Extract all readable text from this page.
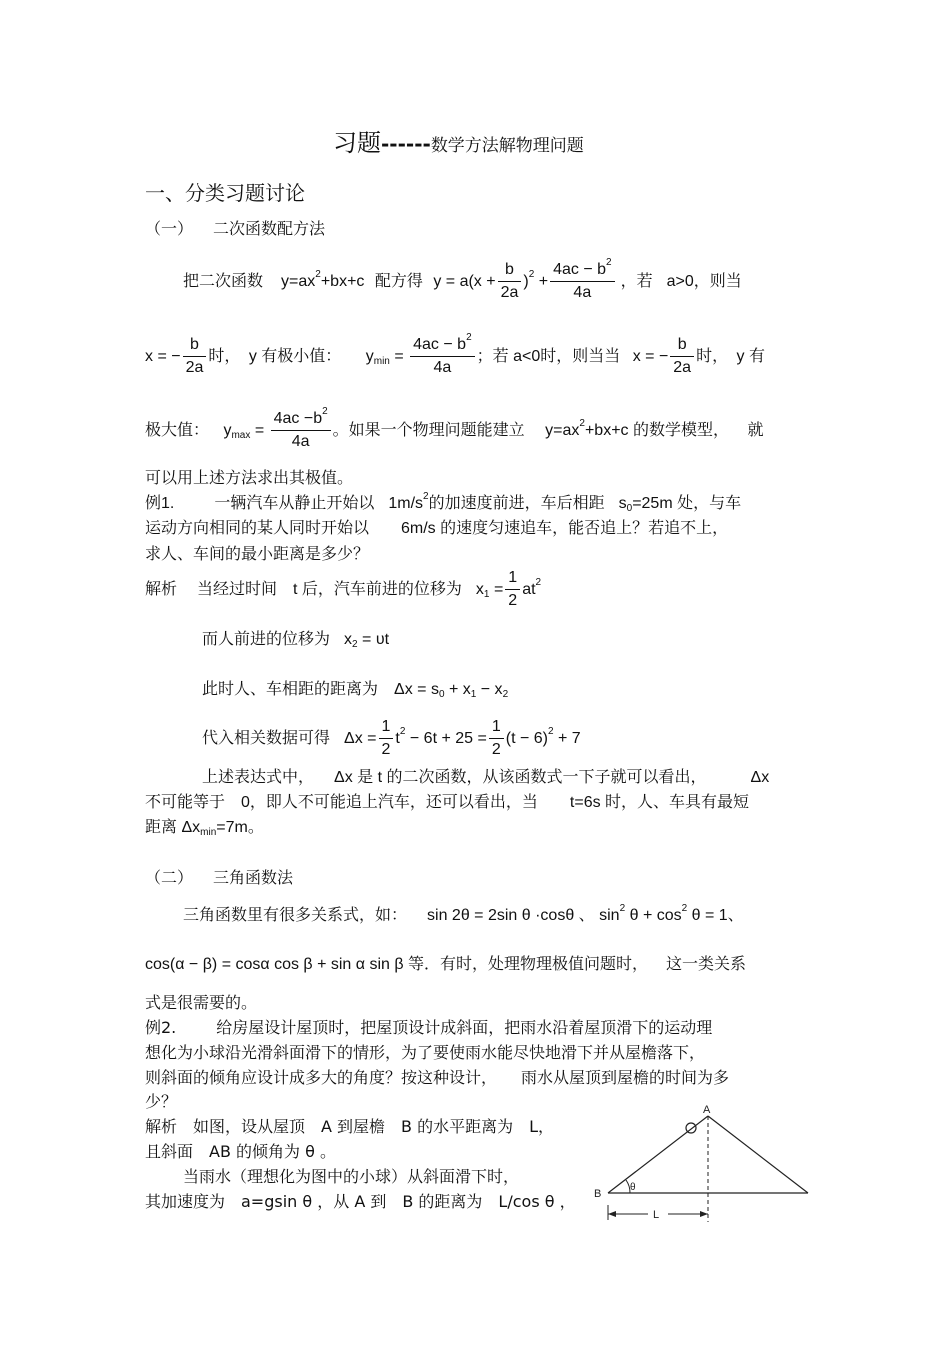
习题------数学方法解物理问题
一、分类习题讨论
（一） 二次函数配方法
把二次函数 $y=ax^2+bx+c$ 配方得 $y = a(x + \frac{b}{2a} )^2 + \frac{4ac - b^2}{4a}$ ，若 a>0，则当
x = − $\frac{b}{2a}$ 时， y 有极小值： $y_{min} = \frac{4ac - b^2}{4a}$ ；若 a<0时，则当当 x = − $\frac{b}{2a}$ 时， y 有
极大值： $y_{max} = \frac{4ac -b^2}{4a}$ 。如果一个物理问题能建立 $y=ax^2+bx+c$ 的数学模型， 就
可以用上述方法求出其极值。
例1.	一辆汽车从静止开始以 $1m/s^2$的加速度前进，车后相距 $s_0=25m$ 处，与车
运动方向相同的某人同时开始以　　6m/s 的速度匀速追车，能否追上？若追不上，
求人、车间的最小距离是多少？
解析 当经过时间　t 后，汽车前进的位移为 $x_1 = \frac{1}{2} at^2$
而人前进的位移为 $x_2 = \upsilon t$
此时人、车相距的距离为 $\Delta x = s_0 + x_1 - x_2$
代入相关数据可得 $\Delta x = \frac{1}{2} t^2 - 6t + 25 = \frac{1}{2} (t - 6)^2 + 7$
上述表达式中， Δx 是 t 的二次函数，从该函数式一下子就可以看出，	Δx
不可能等于　0，即人不可能追上汽车，还可以看出，当　　t=6s 时，人、车具有最短
距离 $\Delta x_{min}=7m$。
（二） 三角函数法
三角函数里有很多关系式，如： sin 2θ = 2sin θ ·cosθ 、 $\sin^2 \theta + \cos^2 \theta = 1$、
cos(α − β) = cosα cos β + sin α sin β 等．有时，处理物理极值问题时， 这一类关系
式是很需要的。
例2.	给房屋设计屋顶时，把屋顶设计成斜面，把雨水沿着屋顶滑下的运动理
想化为小球沿光滑斜面滑下的情形，为了要使雨水能尽快地滑下并从屋檐落下，
则斜面的倾角应设计成多大的角度？按这种设计，　　雨水从屋顶到屋檐的时间为多
少？
解析　如图，设从屋顶　A 到屋檐　B 的水平距离为　L，
且斜面　AB 的倾角为 θ 。
当雨水（理想化为图中的小球）从斜面滑下时，
其加速度为　a=gsin θ ，从 A 到　B 的距离为　L/cos θ ，
A
B
θ
L
